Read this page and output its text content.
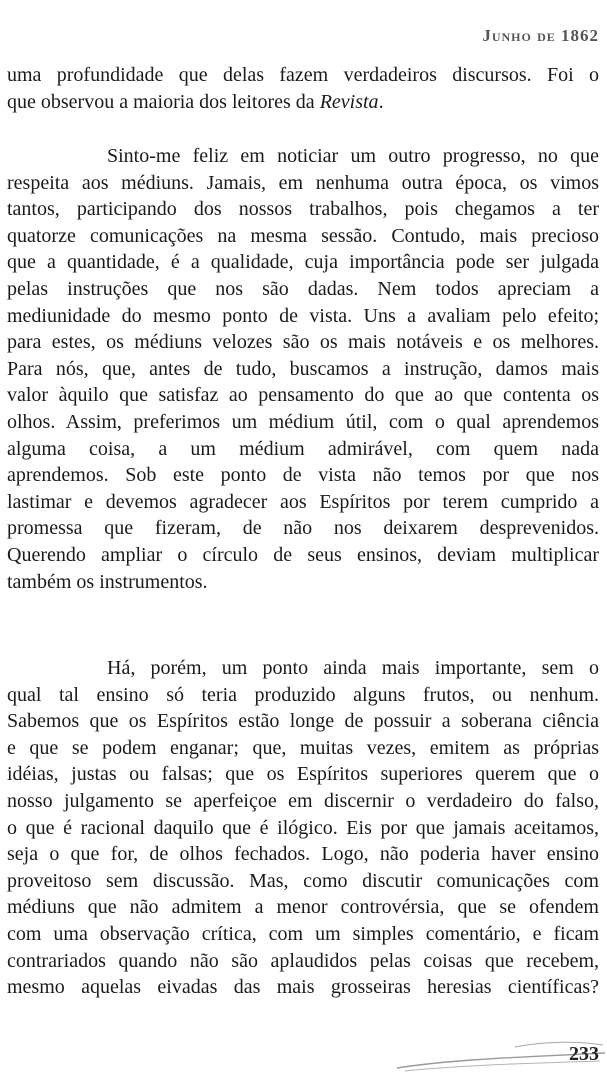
Junho de 1862
uma profundidade que delas fazem verdadeiros discursos. Foi o
que observou a maioria dos leitores da Revista.
Sinto-me feliz em noticiar um outro progresso, no que
respeita aos médiuns. Jamais, em nenhuma outra época, os vimos
tantos, participando dos nossos trabalhos, pois chegamos a ter
quatorze comunicações na mesma sessão. Contudo, mais precioso
que a quantidade, é a qualidade, cuja importância pode ser julgada
pelas instruções que nos são dadas. Nem todos apreciam a
mediunidade do mesmo ponto de vista. Uns a avaliam pelo efeito;
para estes, os médiuns velozes são os mais notáveis e os melhores.
Para nós, que, antes de tudo, buscamos a instrução, damos mais
valor àquilo que satisfaz ao pensamento do que ao que contenta os
olhos. Assim, preferimos um médium útil, com o qual aprendemos
alguma coisa, a um médium admirável, com quem nada
aprendemos. Sob este ponto de vista não temos por que nos
lastimar e devemos agradecer aos Espíritos por terem cumprido a
promessa que fizeram, de não nos deixarem desprevenidos.
Querendo ampliar o círculo de seus ensinos, deviam multiplicar
também os instrumentos.
Há, porém, um ponto ainda mais importante, sem o
qual tal ensino só teria produzido alguns frutos, ou nenhum.
Sabemos que os Espíritos estão longe de possuir a soberana ciência
e que se podem enganar; que, muitas vezes, emitem as próprias
idéias, justas ou falsas; que os Espíritos superiores querem que o
nosso julgamento se aperfeiçoe em discernir o verdadeiro do falso,
o que é racional daquilo que é ilógico. Eis por que jamais aceitamos,
seja o que for, de olhos fechados. Logo, não poderia haver ensino
proveitoso sem discussão. Mas, como discutir comunicações com
médiuns que não admitem a menor controvérsia, que se ofendem
com uma observação crítica, com um simples comentário, e ficam
contrariados quando não são aplaudidos pelas coisas que recebem,
mesmo aquelas eivadas das mais grosseiras heresias científicas?
233
